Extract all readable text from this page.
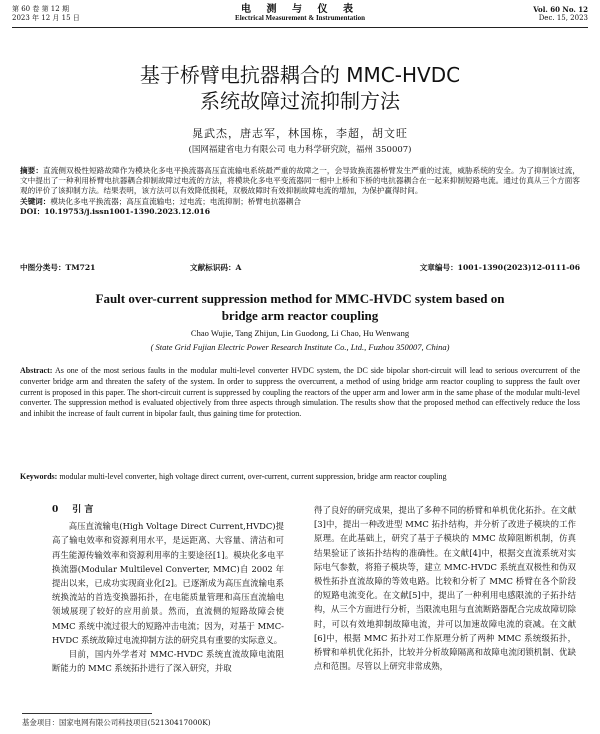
第 60 卷 第 12 期
2023 年 12 月 15 日
电 测 与 仪 表
Electrical Measurement & Instrumentation
Vol. 60 No. 12
Dec. 15, 2023
基于桥臂电抗器耦合的 MMC-HVDC
系统故障过流抑制方法
晁武杰，唐志军，林国栋，李超，胡文旺
(国网福建省电力有限公司 电力科学研究院，福州 350007)
摘要：直流侧双极性短路故障作为模块化多电平换流器高压直流输电系统最严重的故障之一，会导致换流器桥臂发生严重的过流，威胁系统的安全。为了抑制该过流，文中提出了一种利用桥臂电抗器耦合抑制故障过电流的方法，将模块化多电平变流器同一相中上桥和下桥的电抗器耦合在一起来抑制短路电流。通过仿真从三个方面客观的评价了该抑制方法。结果表明，该方法可以有效降低损耗，双极故障时有效抑制故障电流的增加，为保护赢得时间。
关键词：模块化多电平换流器；高压直流输电；过电流；电流抑制；桥臂电抗器耦合
DOI：10.19753/j.issn1001-1390.2023.12.016
中图分类号：TM721	文献标识码：A	文章编号：1001-1390(2023)12-0111-06
Fault over-current suppression method for MMC-HVDC system based on
bridge arm reactor coupling
Chao Wujie, Tang Zhijun, Lin Guodong, Li Chao, Hu Wenwang
( State Grid Fujian Electric Power Research Institute Co., Ltd., Fuzhou 350007, China)
Abstract: As one of the most serious faults in the modular multi-level converter HVDC system, the DC side bipolar short-circuit will lead to serious overcurrent of the converter bridge arm and threaten the safety of the system. In order to suppress the overcurrent, a method of using bridge arm reactor coupling to suppress the fault over current is proposed in this paper. The short-circuit current is suppressed by coupling the reactors of the upper arm and lower arm in the same phase of the modular multi-level converter. The suppression method is evaluated objectively from three aspects through simulation. The results show that the proposed method can effectively reduce the loss and inhibit the increase of fault current in bipolar fault, thus gaining time for protection.
Keywords: modular multi-level converter, high voltage direct current, over-current, current suppression, bridge arm reactor coupling
0 引 言

高压直流输电(High Voltage Direct Current,HVDC)提高了输电效率和资源利用水平，是远距离、大容量、清洁和可再生能源传输效率和资源利用率的主要途径[1]。模块化多电平换流器(Modular Multilevel Converter, MMC)自 2002 年提出以来，已成功实现商业化[2]。已逐渐成为高压直流输电系统换流站的首选变换器拓扑，在电能质量管理和高压直流输电领域展现了较好的应用前景。然而，直流侧的短路故障会使 MMC 系统中流过很大的短路冲击电流；因为，对基于 MMC-HVDC 系统故障过电流抑制方法的研究具有重要的实际意义。

目前，国内外学者对 MMC-HVDC 系统直流故障电流阻断能力的 MMC 系统拓扑进行了深入研究，并取

得了良好的研究成果，提出了多种不同的桥臂和单机优化拓扑。在文献[3]中，提出一种改进型 MMC 拓扑结构，并分析了改进子模块的工作原理。在此基础上，研究了基于子模块的 MMC 故障阻断机制，仿真结果验证了该拓扑结构的准确性。在文献[4]中，根据交直流系统对实际电气参数，将箝子模块等，建立 MMC-HVDC 系统直双极性和伪双极性拓扑直流故障的等效电路。比较和分析了 MMC 桥臂在各个阶段的短路电流变化。在文献[5]中，提出了一种利用电感限流的子拓扑结构，从三个方面进行分析，当限流电阻与直流断路器配合完成故障切除时，可以有效地抑制故障电流，并可以加速故障电流的衰减。在文献[6]中，根据 MMC 拓扑对工作原理分析了两种 MMC 系统级拓扑，桥臂和单机优化拓扑，比较并分析故障隔离和故障电流闭锁机制、优缺点和范围。尽管以上研究非常成熟，

基金项目：国家电网有限公司科技项目(52130417000K)
